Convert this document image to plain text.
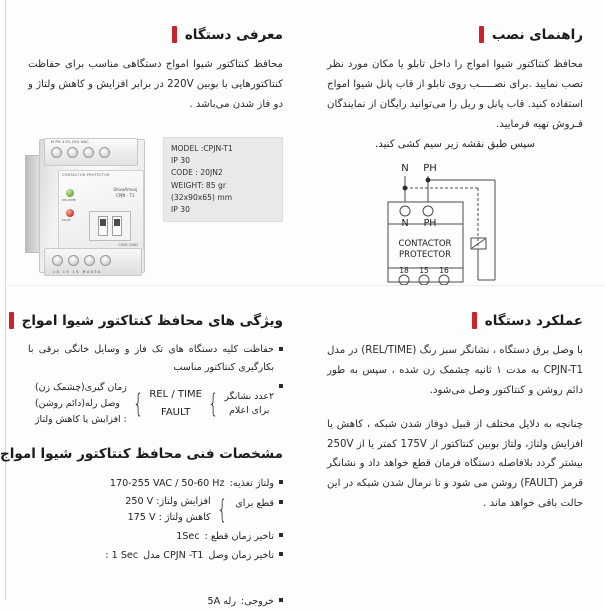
راهنمای نصب

محافظ کنتاکتور شیوا امواج را داخل تابلو یا مکان مورد نظر نصب نمایید .برای نصـــــب روی تابلو از قاب پانل شیوا امواج استفاده کنید. قاب پانل و ریل را می‌توانید رایگان از نمایندگان فـروش تهیه فرمایید.

سپس طبق نقشه زیر سیم کشی کنید.

N PH
N PH
CONTACTOR
PROTECTOR
18 15 16
معرفی دستگاه

محافظ کنتاکتور شیوا امواج دستگاهی مناسب برای حفاظت کنتاکتورهایی با بوبین 220V در برابر افزایش و کاهش ولتاژ و دو فاز شدن می‌باشد .

MODEL :CPJN-T1
IP 30
CODE : 20JN2
WEIGHT: 85 gr
(32x90x65) mm
IP 30
N PH 170-255 VAC
CONTACTOR PROTECTOR
REL/TIME
FAULT
ShivaAmvaj
CPJN - T1
CODE 20JN2
18 15 16 MAX5A
عملکرد دستگاه

با وصل برق دستگاه ، نشانگر سبز رنگ (REL/TIME) در مدل CPJN-T1 به مدت ۱ ثانیه چشمک زن شده ، سپس به طور دائم روشن و کنتاکتور وصل می‌شود.

چنانچه به دلایل مختلف از قبیل دوفاز شدن شبکه ، کاهش یا افزایش ولتاژ، ولتاژ بوبین کنتاکتور از 175V کمتر یا از 250V بیشتر گردد بلافاصله دستگاه فرمان قطع خواهد داد و نشانگر قرمز (FAULT) روشن می شود و تا نرمال شدن شبکه در این حالت باقی خواهد ماند .

ویژگی های محافظ کنتاکتور شیوا امواج
حفاظت کلیه دستگاه های تک فاز و وسایل خانگی برقی با بکارگیری کنتاکتور مناسب
۲عدد نشانگر
برای اعلام
}
REL / TIME
FAULT
}
زمان گیری(چشمک زن)
وصل رله(دائم روشن)
: افزایش یا کاهش ولتاژ
مشخصات فنی محافظ کنتاکتور شیوا امواج
ولتاژ تغذیه:
170-255 VAC / 50-60 Hz
قطع برای
}
افزایش ولتاژ: 250 V
کاهش ولتاژ : 175 V
تاخیر زمان قطع :
1Sec
تاخیر زمان وصل
مدل CPJN -T1
: 1 Sec
خروجی:
رله 5A
